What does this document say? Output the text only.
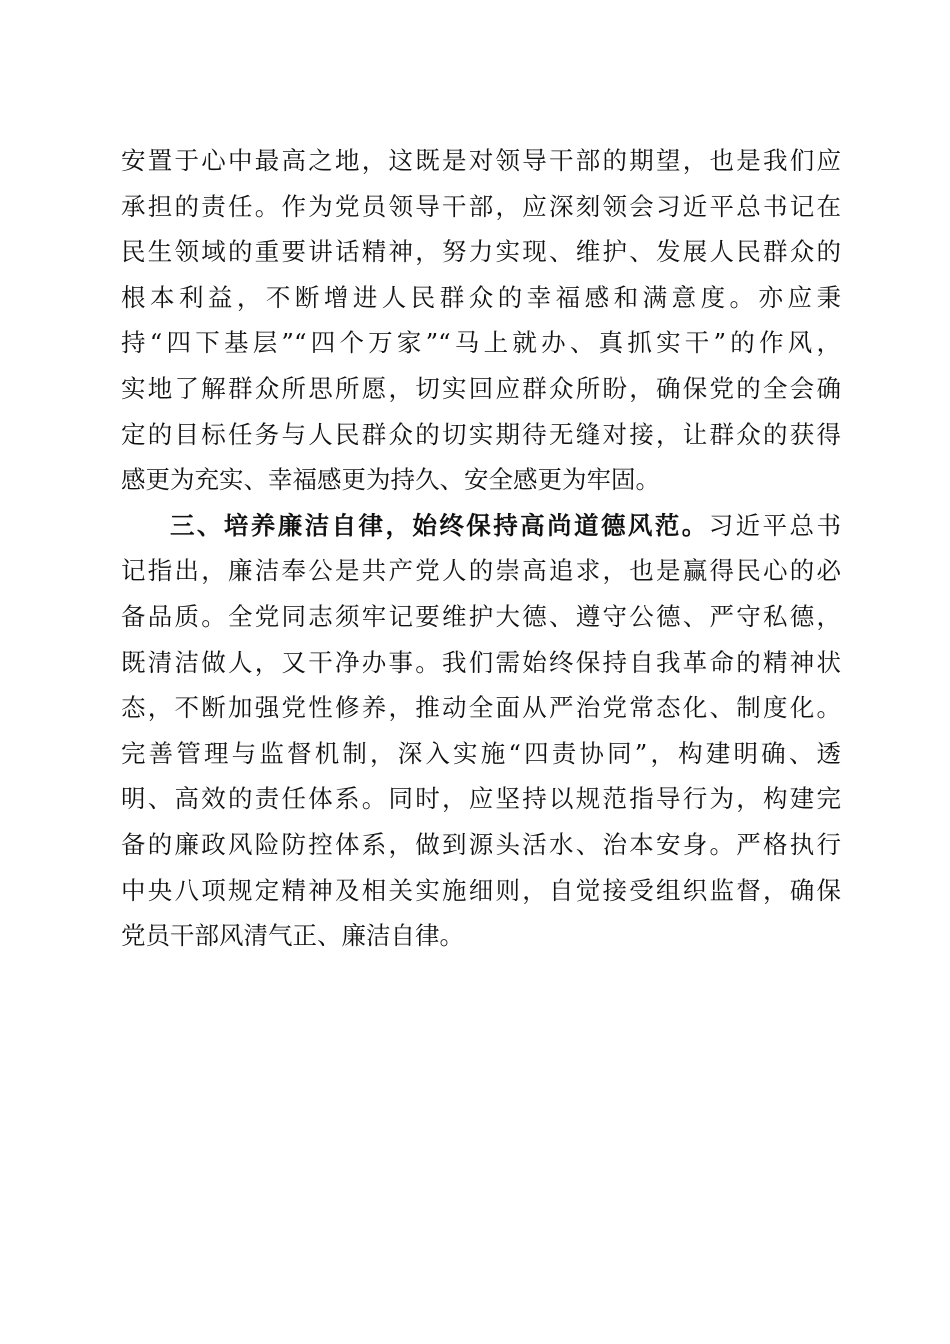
安置于心中最高之地，这既是对领导干部的期望，也是我们应
承担的责任。作为党员领导干部，应深刻领会习近平总书记在
民生领域的重要讲话精神，努力实现、维护、发展人民群众的
根本利益，不断增进人民群众的幸福感和满意度。亦应秉
持“四下基层”“四个万家”“马上就办、真抓实干”的作风，
实地了解群众所思所愿，切实回应群众所盼，确保党的全会确
定的目标任务与人民群众的切实期待无缝对接，让群众的获得
感更为充实、幸福感更为持久、安全感更为牢固。
三、培养廉洁自律，始终保持高尚道德风范。习近平总书
记指出，廉洁奉公是共产党人的崇高追求，也是赢得民心的必
备品质。全党同志须牢记要维护大德、遵守公德、严守私德，
既清洁做人，又干净办事。我们需始终保持自我革命的精神状
态，不断加强党性修养，推动全面从严治党常态化、制度化。
完善管理与监督机制，深入实施“四责协同”，构建明确、透
明、高效的责任体系。同时，应坚持以规范指导行为，构建完
备的廉政风险防控体系，做到源头活水、治本安身。严格执行
中央八项规定精神及相关实施细则，自觉接受组织监督，确保
党员干部风清气正、廉洁自律。
